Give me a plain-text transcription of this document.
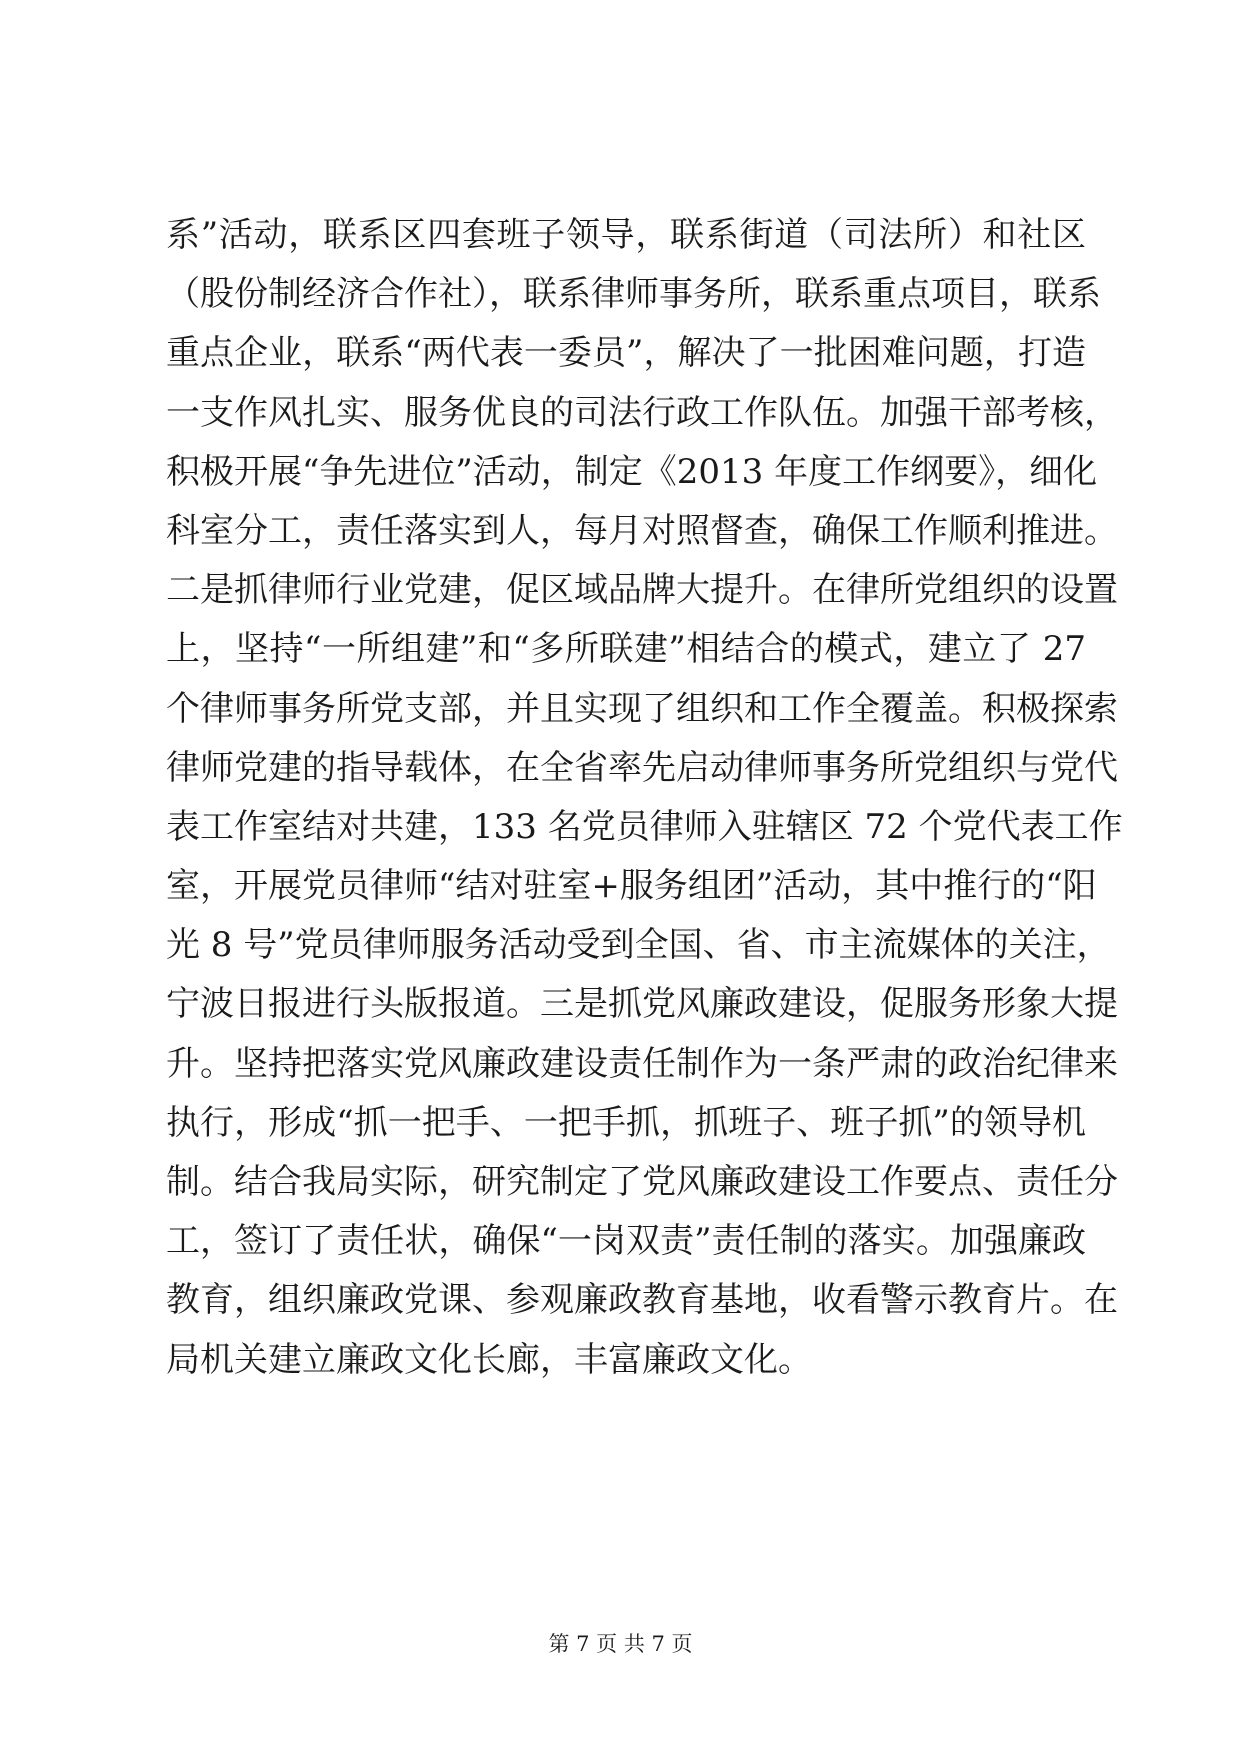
系”活动，联系区四套班子领导，联系街道（司法所）和社区
（股份制经济合作社），联系律师事务所，联系重点项目，联系
重点企业，联系“两代表一委员”，解决了一批困难问题，打造
一支作风扎实、服务优良的司法行政工作队伍。加强干部考核，
积极开展“争先进位”活动，制定《2013 年度工作纲要》，细化
科室分工，责任落实到人，每月对照督查，确保工作顺利推进。
二是抓律师行业党建，促区域品牌大提升。在律所党组织的设置
上，坚持“一所组建”和“多所联建”相结合的模式，建立了 27
个律师事务所党支部，并且实现了组织和工作全覆盖。积极探索
律师党建的指导载体，在全省率先启动律师事务所党组织与党代
表工作室结对共建，133 名党员律师入驻辖区 72 个党代表工作
室，开展党员律师“结对驻室+服务组团”活动，其中推行的“阳
光 8 号”党员律师服务活动受到全国、省、市主流媒体的关注，
宁波日报进行头版报道。三是抓党风廉政建设，促服务形象大提
升。坚持把落实党风廉政建设责任制作为一条严肃的政治纪律来
执行，形成“抓一把手、一把手抓，抓班子、班子抓”的领导机
制。结合我局实际，研究制定了党风廉政建设工作要点、责任分
工，签订了责任状，确保“一岗双责”责任制的落实。加强廉政
教育，组织廉政党课、参观廉政教育基地，收看警示教育片。在
局机关建立廉政文化长廊，丰富廉政文化。
第 7 页 共 7 页
